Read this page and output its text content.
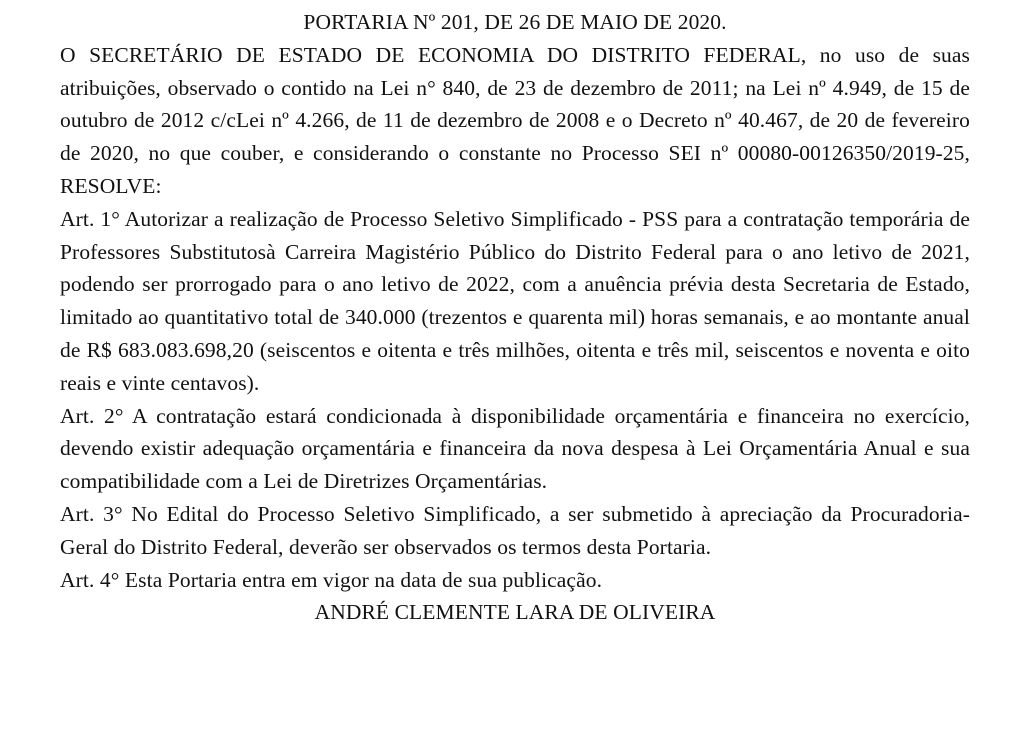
PORTARIA Nº 201, DE 26 DE MAIO DE 2020.

O SECRETÁRIO DE ESTADO DE ECONOMIA DO DISTRITO FEDERAL, no uso de suas atribuições, observado o contido na Lei n° 840, de 23 de dezembro de 2011; na Lei nº 4.949, de 15 de outubro de 2012 c/cLei nº 4.266, de 11 de dezembro de 2008 e o Decreto nº 40.467, de 20 de fevereiro de 2020, no que couber, e considerando o constante no Processo SEI nº 00080-00126350/2019-25, RESOLVE:

Art. 1° Autorizar a realização de Processo Seletivo Simplificado - PSS para a contratação temporária de Professores Substitutosà Carreira Magistério Público do Distrito Federal para o ano letivo de 2021, podendo ser prorrogado para o ano letivo de 2022, com a anuência prévia desta Secretaria de Estado, limitado ao quantitativo total de 340.000 (trezentos e quarenta mil) horas semanais, e ao montante anual de R$ 683.083.698,20 (seiscentos e oitenta e três milhões, oitenta e três mil, seiscentos e noventa e oito reais e vinte centavos).

Art. 2° A contratação estará condicionada à disponibilidade orçamentária e financeira no exercício, devendo existir adequação orçamentária e financeira da nova despesa à Lei Orçamentária Anual e sua compatibilidade com a Lei de Diretrizes Orçamentárias.

Art. 3° No Edital do Processo Seletivo Simplificado, a ser submetido à apreciação da Procuradoria-Geral do Distrito Federal, deverão ser observados os termos desta Portaria.

Art. 4° Esta Portaria entra em vigor na data de sua publicação.

ANDRÉ CLEMENTE LARA DE OLIVEIRA
